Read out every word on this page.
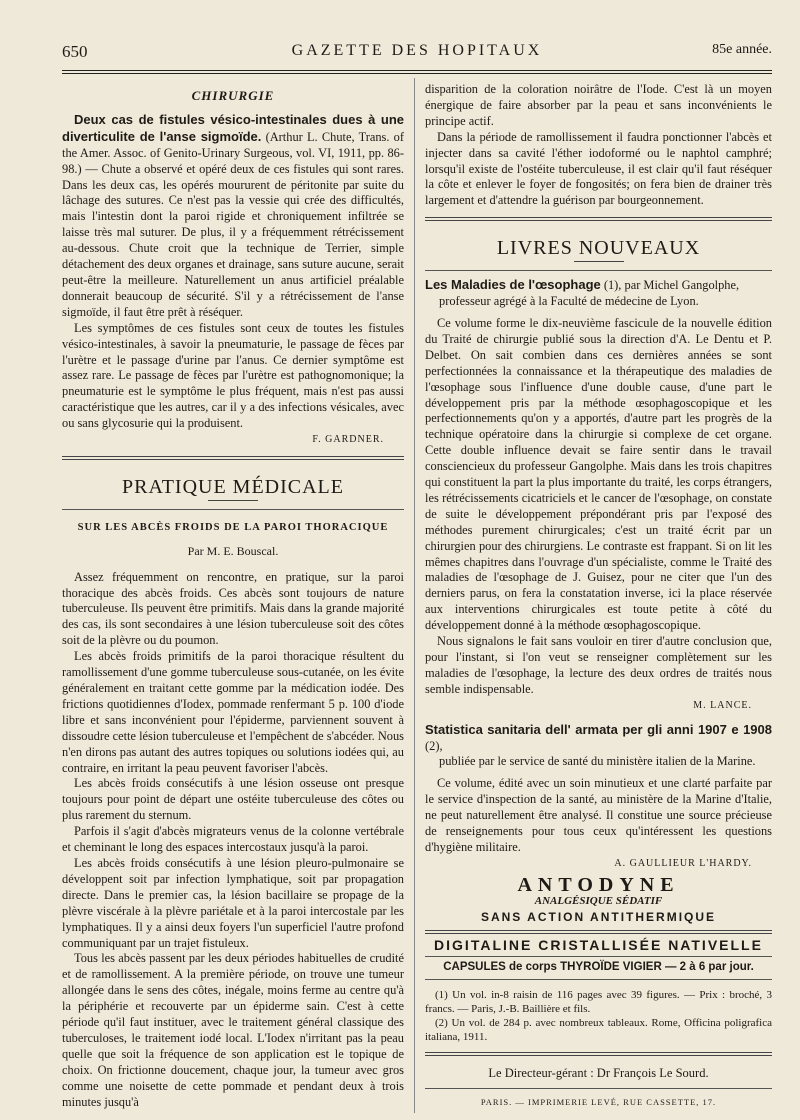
650	GAZETTE DES HOPITAUX	85e année.
CHIRURGIE

Deux cas de fistules vésico-intestinales dues à une diverticulite de l'anse sigmoïde. (Arthur L. Chute, Trans. of the Amer. Assoc. of Genito-Urinary Surgeous, vol. VI, 1911, pp. 86-98.) — Chute a observé et opéré deux de ces fistules qui sont rares. Dans les deux cas, les opérés moururent de péritonite par suite du lâchage des sutures. Ce n'est pas la vessie qui crée des difficultés, mais l'intestin dont la paroi rigide et chroniquement infiltrée se laisse très mal suturer. De plus, il y a fréquemment rétrécissement au-dessous. Chute croit que la technique de Terrier, simple détachement des deux organes et drainage, sans suture aucune, serait peut-être la meilleure. Naturellement un anus artificiel préalable donnerait beaucoup de sécurité. S'il y a rétrécissement de l'anse sigmoïde, il faut être prêt à réséquer.

Les symptômes de ces fistules sont ceux de toutes les fistules vésico-intestinales, à savoir la pneumaturie, le passage de fèces par l'urètre et le passage d'urine par l'anus. Ce dernier symptôme est assez rare. Le passage de fèces par l'urètre est pathognomonique; la pneumaturie est le symptôme le plus fréquent, mais n'est pas aussi caractéristique que les autres, car il y a des infections vésicales, avec ou sans glycosurie qui la produisent.

F. GARDNER.
PRATIQUE MÉDICALE
SUR LES ABCÈS FROIDS DE LA PAROI THORACIQUE
Par M. E. Bouscal.

Assez fréquemment on rencontre, en pratique, sur la paroi thoracique des abcès froids. Ces abcès sont toujours de nature tuberculeuse. Ils peuvent être primitifs. Mais dans la grande majorité des cas, ils sont secondaires à une lésion tuberculeuse soit des côtes soit de la plèvre ou du poumon.

Les abcès froids primitifs de la paroi thoracique résultent du ramollissement d'une gomme tuberculeuse sous-cutanée, on les évite généralement en traitant cette gomme par la médication iodée. Des frictions quotidiennes d'Iodex, pommade renfermant 5 p. 100 d'iode libre et sans inconvénient pour l'épiderme, parviennent souvent à dissoudre cette lésion tuberculeuse et l'empêchent de s'abcéder. Nous n'en dirons pas autant des autres topiques ou solutions iodées qui, au contraire, en irritant la peau peuvent favoriser l'abcès.

Les abcès froids consécutifs à une lésion osseuse ont presque toujours pour point de départ une ostéite tuberculeuse des côtes ou plus rarement du sternum.

Parfois il s'agit d'abcès migrateurs venus de la colonne vertébrale et cheminant le long des espaces intercostaux jusqu'à la paroi.

Les abcès froids consécutifs à une lésion pleuro-pulmonaire se développent soit par infection lymphatique, soit par propagation directe. Dans le premier cas, la lésion bacillaire se propage de la plèvre viscérale à la plèvre pariétale et à la paroi intercostale par les lymphatiques. Il y a ainsi deux foyers l'un superficiel l'autre profond communiquant par un trajet fistuleux.

Tous les abcès passent par les deux périodes habituelles de crudité et de ramollissement. A la première période, on trouve une tumeur allongée dans le sens des côtes, inégale, moins ferme au centre qu'à la périphérie et recouverte par un épiderme sain. C'est à cette période qu'il faut instituer, avec le traitement général classique des tuberculoses, le traitement iodé local. L'Iodex n'irritant pas la peau quelle que soit la fréquence de son application est le topique de choix. On frictionne doucement, chaque jour, la tumeur avec gros comme une noisette de cette pommade et pendant deux à trois minutes jusqu'à

disparition de la coloration noirâtre de l'Iode. C'est là un moyen énergique de faire absorber par la peau et sans inconvénients le principe actif.

Dans la période de ramollissement il faudra ponctionner l'abcès et injecter dans sa cavité l'éther iodoformé ou le naphtol camphré; lorsqu'il existe de l'ostéite tuberculeuse, il est clair qu'il faut réséquer la côte et enlever le foyer de fongosités; on fera bien de drainer très largement et d'attendre la guérison par bourgeonnement.

LIVRES NOUVEAUX

Les Maladies de l'œsophage (1), par Michel Gangolphe,

professeur agrégé à la Faculté de médecine de Lyon.

Ce volume forme le dix-neuvième fascicule de la nouvelle édition du Traité de chirurgie publié sous la direction d'A. Le Dentu et P. Delbet. On sait combien dans ces dernières années se sont perfectionnées la connaissance et la thérapeutique des maladies de l'œsophage sous l'influence d'une double cause, d'une part le développement pris par la méthode œsophagoscopique et les perfectionnements qu'on y a apportés, d'autre part les progrès de la technique opératoire dans la chirurgie si complexe de cet organe. Cette double influence devait se faire sentir dans le travail consciencieux du professeur Gangolphe. Mais dans les trois chapitres qui constituent la part la plus importante du traité, les corps étrangers, les rétrécissements cicatriciels et le cancer de l'œsophage, on constate de suite le développement prépondérant pris par l'exposé des méthodes purement chirurgicales; c'est un traité écrit par un chirurgien pour des chirurgiens. Le contraste est frappant. Si on lit les mêmes chapitres dans l'ouvrage d'un spécialiste, comme le Traité des maladies de l'œsophage de J. Guisez, pour ne citer que l'un des derniers parus, on fera la constatation inverse, ici la place réservée aux interventions chirurgicales est toute petite à côté du développement donné à la méthode œsophagoscopique.

Nous signalons le fait sans vouloir en tirer d'autre conclusion que, pour l'instant, si l'on veut se renseigner complètement sur les maladies de l'œsophage, la lecture des deux ordres de traités nous semble indispensable.

M. LANCE.

Statistica sanitaria dell' armata per gli anni 1907 e 1908 (2),

publiée par le service de santé du ministère italien de la Marine.

Ce volume, édité avec un soin minutieux et une clarté parfaite par le service d'inspection de la santé, au ministère de la Marine d'Italie, ne peut naturellement être analysé. Il constitue une source précieuse de renseignements pour tous ceux qu'intéressent les questions d'hygiène militaire.

A. GAULLIEUR L'HARDY.
ANTODYNE
ANALGÉSIQUE SÉDATIF
SANS ACTION ANTITHERMIQUE
DIGITALINE CRISTALLISÉE NATIVELLE
CAPSULES de corps THYROÏDE VIGIER — 2 à 6 par jour.

(1) Un vol. in-8 raisin de 116 pages avec 39 figures. — Prix : broché, 3 francs. — Paris, J.-B. Baillière et fils.

(2) Un vol. de 284 p. avec nombreux tableaux. Rome, Officina poligrafica italiana, 1911.

Le Directeur-gérant : Dr François Le Sourd.
PARIS. — IMPRIMERIE LEVÉ, RUE CASSETTE, 17.
